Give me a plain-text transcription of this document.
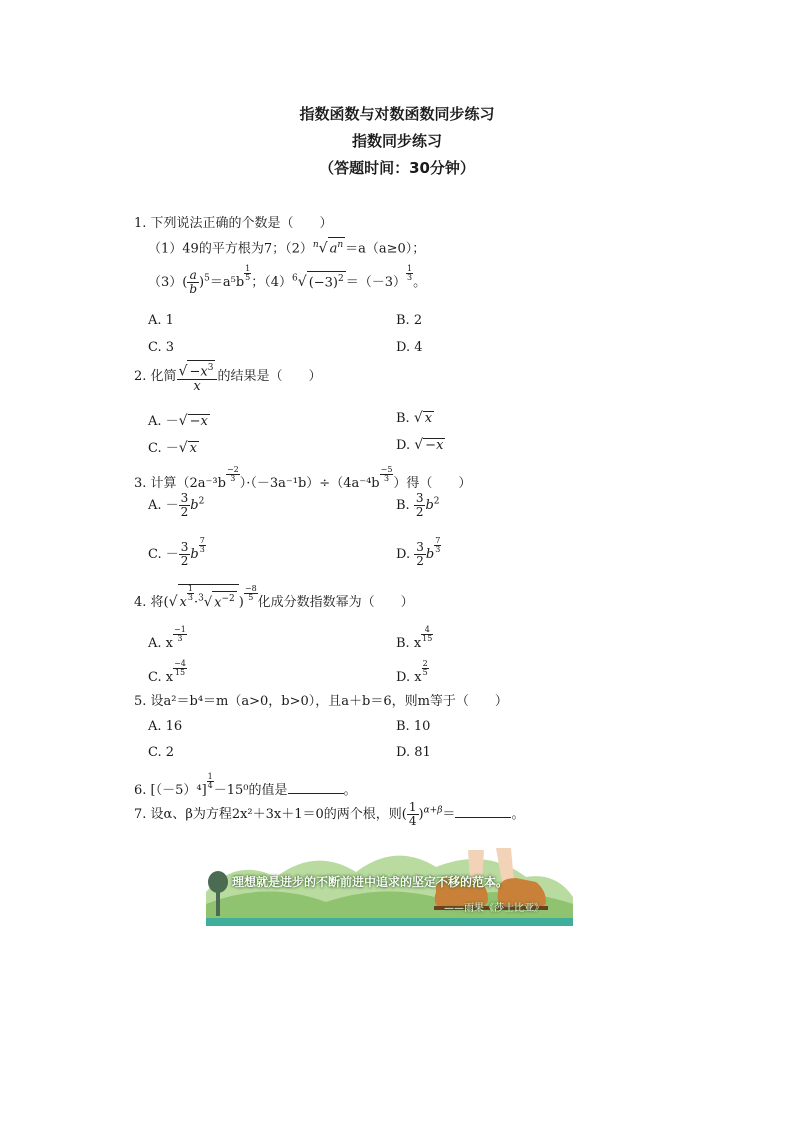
指数函数与对数函数同步练习
指数同步练习
（答题时间：30分钟）
1. 下列说法正确的个数是（　　）
（1）49的平方根为7；$(2)^n√$ $a^n =a(a\ge 0)$；
$(3)( \frac{a}{b} )^5=a^5b$
$\frac{1}{5}$
；$(4)^6√$ $(-3)^2 =(-3)$
$\frac{1}{3}$
。
A. 1	B. 2
C. 3	D. 4
2. 化简 $\frac{√ -x^3}{x}$ 的结果是（　　）
A. －√ −x	B. √ x
C. －√ x	D. √ −x
3. 计算（2a⁻³b
$\frac{-2}{3}$
）·（－3a⁻¹b）÷（4a⁻⁴b
$\frac{-5}{3}$
）得（　　）
A. － $\frac{3}{2} b^2$	B. $\frac{3}{2} b^2$
C. － $\frac{3}{2}$ b
$\frac{7}{3}$
D. $\frac{3}{2}$ b
$\frac{7}{3}$
4. 将(√ x
$\frac{1}{3}$
·$^3$√ $x^{-2}$ )
$\frac{-8}{5}$
化成分数指数幂为（　　）
A. x
$\frac{-1}{3}$
B. x
$\frac{4}{15}$
C. x
$\frac{-4}{15}$
D. x
$\frac{2}{5}$
5. 设a²＝b⁴＝m（a>0，b>0），且a＋b＝6，则m等于（　　）
A. 16	B. 10
C. 2	D. 81
6. [（－5）⁴]
$\frac{1}{4}$
－15⁰的值是	。
7. 设α、β为方程2x²＋3x＋1＝0的两个根，则( $\frac{1}{4} )^{\alpha+\beta}=$	。
理想就是进步的不断前进中追求的坚定不移的范本。
——雨果《莎士比亚》
